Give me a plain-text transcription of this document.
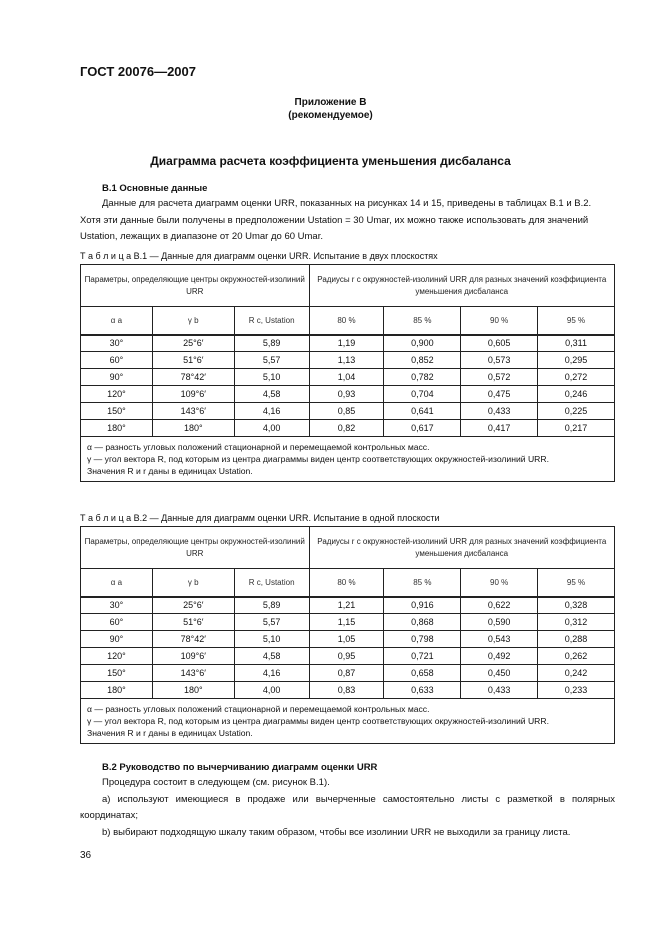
ГОСТ 20076—2007
Приложение В
(рекомендуемое)
Диаграмма расчета коэффициента уменьшения дисбаланса
В.1 Основные данные
Данные для расчета диаграмм оценки URR, показанных на рисунках 14 и 15, приведены в таблицах В.1 и В.2.
Хотя эти данные были получены в предположении Ustation = 30 Umar, их можно также использовать для значений
Ustation, лежащих в диапазоне от 20 Umar до 60 Umar.
Т а б л и ц а В.1 — Данные для диаграмм оценки URR. Испытание в двух плоскостях
Параметры, определяющие центры окружностей-изолиний URR			Радиусы r c окружностей-изолиний URR для разных значений коэффициента уменьшения дисбаланса			
α a	γ b	R c, Ustation	80 %	85 %	90 %	95 %
30°	25°6′	5,89	1,19	0,900	0,605	0,311
60°	51°6′	5,57	1,13	0,852	0,573	0,295
90°	78°42′	5,10	1,04	0,782	0,572	0,272
120°	109°6′	4,58	0,93	0,704	0,475	0,246
150°	143°6′	4,16	0,85	0,641	0,433	0,225
180°	180°	4,00	0,82	0,617	0,417	0,217

α — разность угловых положений стационарной и перемещаемой контрольных масс.
γ — угол вектора R, под которым из центра диаграммы виден центр соответствующих окружностей-изолиний URR.
Значения R и r даны в единицах Ustation.						
Т а б л и ц а В.2 — Данные для диаграмм оценки URR. Испытание в одной плоскости
Параметры, определяющие центры окружностей-изолиний URR			Радиусы r c окружностей-изолиний URR для разных значений коэффициента уменьшения дисбаланса			
α a	γ b	R c, Ustation	80 %	85 %	90 %	95 %
30°	25°6′	5,89	1,21	0,916	0,622	0,328
60°	51°6′	5,57	1,15	0,868	0,590	0,312
90°	78°42′	5,10	1,05	0,798	0,543	0,288
120°	109°6′	4,58	0,95	0,721	0,492	0,262
150°	143°6′	4,16	0,87	0,658	0,450	0,242
180°	180°	4,00	0,83	0,633	0,433	0,233

α — разность угловых положений стационарной и перемещаемой контрольных масс.
γ — угол вектора R, под которым из центра диаграммы виден центр соответствующих окружностей-изолиний URR.
Значения R и r даны в единицах Ustation.						
В.2 Руководство по вычерчиванию диаграмм оценки URR
Процедура состоит в следующем (см. рисунок В.1).
a) используют имеющиеся в продаже или вычерченные самостоятельно листы с разметкой в полярных координатах;
b) выбирают подходящую шкалу таким образом, чтобы все изолинии URR не выходили за границу листа.
36
